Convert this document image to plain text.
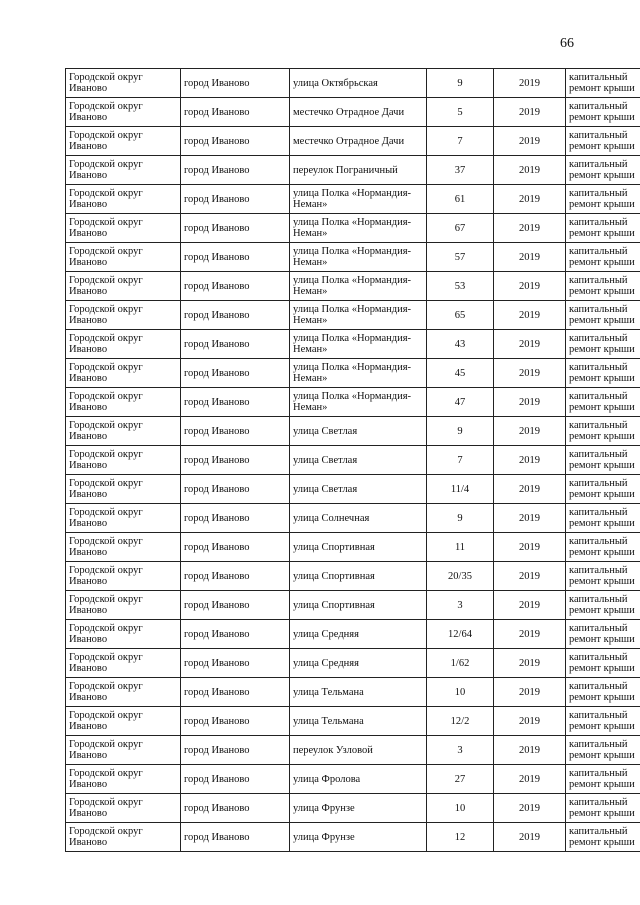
66
Городской округ Иваново	город Иваново	улица Октябрьская	9	2019	капитальный ремонт крыши
Городской округ Иваново	город Иваново	местечко Отрадное Дачи	5	2019	капитальный ремонт крыши
Городской округ Иваново	город Иваново	местечко Отрадное Дачи	7	2019	капитальный ремонт крыши
Городской округ Иваново	город Иваново	переулок Пограничный	37	2019	капитальный ремонт крыши
Городской округ Иваново	город Иваново	улица Полка «Нормандия-Неман»	61	2019	капитальный ремонт крыши
Городской округ Иваново	город Иваново	улица Полка «Нормандия-Неман»	67	2019	капитальный ремонт крыши
Городской округ Иваново	город Иваново	улица Полка «Нормандия-Неман»	57	2019	капитальный ремонт крыши
Городской округ Иваново	город Иваново	улица Полка «Нормандия-Неман»	53	2019	капитальный ремонт крыши
Городской округ Иваново	город Иваново	улица Полка «Нормандия-Неман»	65	2019	капитальный ремонт крыши
Городской округ Иваново	город Иваново	улица Полка «Нормандия-Неман»	43	2019	капитальный ремонт крыши
Городской округ Иваново	город Иваново	улица Полка «Нормандия-Неман»	45	2019	капитальный ремонт крыши
Городской округ Иваново	город Иваново	улица Полка «Нормандия-Неман»	47	2019	капитальный ремонт крыши
Городской округ Иваново	город Иваново	улица Светлая	9	2019	капитальный ремонт крыши
Городской округ Иваново	город Иваново	улица Светлая	7	2019	капитальный ремонт крыши
Городской округ Иваново	город Иваново	улица Светлая	11/4	2019	капитальный ремонт крыши
Городской округ Иваново	город Иваново	улица Солнечная	9	2019	капитальный ремонт крыши
Городской округ Иваново	город Иваново	улица Спортивная	11	2019	капитальный ремонт крыши
Городской округ Иваново	город Иваново	улица Спортивная	20/35	2019	капитальный ремонт крыши
Городской округ Иваново	город Иваново	улица Спортивная	3	2019	капитальный ремонт крыши
Городской округ Иваново	город Иваново	улица Средняя	12/64	2019	капитальный ремонт крыши
Городской округ Иваново	город Иваново	улица Средняя	1/62	2019	капитальный ремонт крыши
Городской округ Иваново	город Иваново	улица Тельмана	10	2019	капитальный ремонт крыши
Городской округ Иваново	город Иваново	улица Тельмана	12/2	2019	капитальный ремонт крыши
Городской округ Иваново	город Иваново	переулок Узловой	3	2019	капитальный ремонт крыши
Городской округ Иваново	город Иваново	улица Фролова	27	2019	капитальный ремонт крыши
Городской округ Иваново	город Иваново	улица Фрунзе	10	2019	капитальный ремонт крыши
Городской округ Иваново	город Иваново	улица Фрунзе	12	2019	капитальный ремонт крыши
